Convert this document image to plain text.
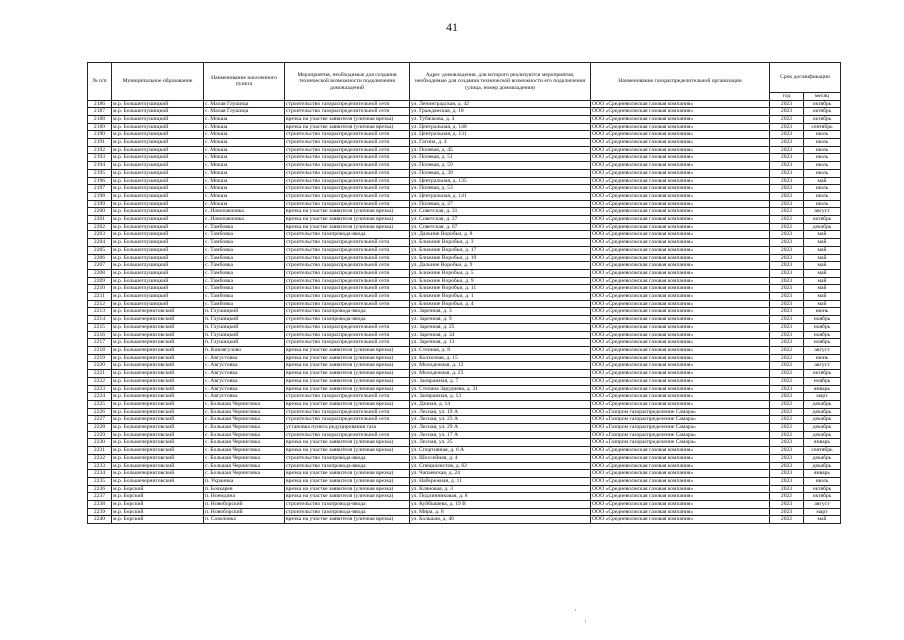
41
№ п/п	Муниципальное образование	Наименование населенного пункта	Мероприятия, необходимые для создания технической возможности подключения домовладений	Адрес домовладения, для которого реализуются мероприятия, необходимые для создания технической возможности его подключения (улица, номер домовладения)	Наименование газораспределительной организации	Срок догазификации	
						год	месяц
2186	м.р. Большеглушицкий	с. Малая Глушица	строительство газораспределительной сети	ул. Ленинградская, д. 42	ООО «Средневолжская газовая компания»	2023	октябрь
2187	м.р. Большеглушицкий	с. Малая Глушица	строительство газораспределительной сети	ул. Гражданская, д. 18	ООО «Средневолжская газовая компания»	2023	октябрь
2188	м.р. Большеглушицкий	с. Мокша	врезка на участке заявителя (уличная врезка)	ул. Тубачкова, д. 4	ООО «Средневолжская газовая компания»	2022	октябрь
2189	м.р. Большеглушицкий	с. Мокша	врезка на участке заявителя (уличная врезка)	ул. Центральная, д. 140	ООО «Средневолжская газовая компания»	2023	сентябрь
2190	м.р. Большеглушицкий	с. Мокша	строительство газораспределительной сети	ул. Центральная, д. 131	ООО «Средневолжская газовая компания»	2023	июль
2191	м.р. Большеглушицкий	с. Мокша	строительство газораспределительной сети	ул. Гагина, д. 4	ООО «Средневолжская газовая компания»	2023	июль
2192	м.р. Большеглушицкий	с. Мокша	строительство газораспределительной сети	ул. Полевая, д. 45	ООО «Средневолжская газовая компания»	2023	июль
2193	м.р. Большеглушицкий	с. Мокша	строительство газораспределительной сети	ул. Полевая, д. 51	ООО «Средневолжская газовая компания»	2023	июль
2194	м.р. Большеглушицкий	с. Мокша	строительство газораспределительной сети	ул. Полевая, д. 59	ООО «Средневолжская газовая компания»	2023	июль
2195	м.р. Большеглушицкий	с. Мокша	строительство газораспределительной сети	ул. Полевая, д. 39	ООО «Средневолжская газовая компания»	2023	июль
2196	м.р. Большеглушицкий	с. Мокша	строительство газораспределительной сети	ул. Центральная, д. 135	ООО «Средневолжская газовая компания»	2023	май
2197	м.р. Большеглушицкий	с. Мокша	строительство газораспределительной сети	ул. Полевая, д. 53	ООО «Средневолжская газовая компания»	2023	июль
2198	м.р. Большеглушицкий	с. Мокша	строительство газораспределительной сети	ул. Центральная, д. 141	ООО «Средневолжская газовая компания»	2023	июль
2199	м.р. Большеглушицкий	с. Мокша	строительство газораспределительной сети	ул. Полевая, д. 27	ООО «Средневолжская газовая компания»	2023	июль
2200	м.р. Большеглушицкий	с. Новопавловка	врезка на участке заявителя (уличная врезка)	ул. Советская, д. 31	ООО «Средневолжская газовая компания»	2022	август
2201	м.р. Большеглушицкий	с. Новопавловка	врезка на участке заявителя (уличная врезка)	ул. Советская, д. 27	ООО «Средневолжская газовая компания»	2022	октябрь
2202	м.р. Большеглушицкий	с. Тамбовка	врезка на участке заявителя (уличная врезка)	ул. Советская, д. 67	ООО «Средневолжская газовая компания»	2022	декабрь
2203	м.р. Большеглушицкий	с. Тамбовка	строительство газопровода-ввода	ул. Дальние Воробьи, д. 8	ООО «Средневолжская газовая компания»	2023	май
2204	м.р. Большеглушицкий	с. Тамбовка	строительство газораспределительной сети	ул. Ближние Воробьи, д. 3	ООО «Средневолжская газовая компания»	2023	май
2205	м.р. Большеглушицкий	с. Тамбовка	строительство газораспределительной сети	ул. Ближние Воробьи, д. 17	ООО «Средневолжская газовая компания»	2023	май
2206	м.р. Большеглушицкий	с. Тамбовка	строительство газораспределительной сети	ул. Ближние Воробьи, д. 19	ООО «Средневолжская газовая компания»	2023	май
2207	м.р. Большеглушицкий	с. Тамбовка	строительство газораспределительной сети	ул. Дальние Воробьи, д. 9	ООО «Средневолжская газовая компания»	2023	май
2208	м.р. Большеглушицкий	с. Тамбовка	строительство газораспределительной сети	ул. Ближние Воробьи, д. 5	ООО «Средневолжская газовая компания»	2023	май
2209	м.р. Большеглушицкий	с. Тамбовка	строительство газораспределительной сети	ул. Ближние Воробьи, д. 9	ООО «Средневолжская газовая компания»	2023	май
2210	м.р. Большеглушицкий	с. Тамбовка	строительство газораспределительной сети	ул. Ближние Воробьи, д. 11	ООО «Средневолжская газовая компания»	2023	май
2211	м.р. Большеглушицкий	с. Тамбовка	строительство газораспределительной сети	ул. Ближние Воробьи, д. 1	ООО «Средневолжская газовая компания»	2023	май
2212	м.р. Большеглушицкий	с. Тамбовка	строительство газораспределительной сети	ул. Ближние Воробьи, д. 4	ООО «Средневолжская газовая компания»	2023	май
2213	м.р. Большечерниговский	п. Глушицкий	строительство газопровода-ввода	ул. Заречная, д. 3	ООО «Средневолжская газовая компания»	2023	июнь
2214	м.р. Большечерниговский	п. Глушицкий	строительство газопровода-ввода	ул. Заречная, д. 9	ООО «Средневолжская газовая компания»	2023	ноябрь
2215	м.р. Большечерниговский	п. Глушицкий	строительство газораспределительной сети	ул. Заречная, д. 25	ООО «Средневолжская газовая компания»	2023	ноябрь
2216	м.р. Большечерниговский	п. Глушицкий	строительство газораспределительной сети	ул. Заречная, д. 34	ООО «Средневолжская газовая компания»	2023	ноябрь
2217	м.р. Большечерниговский	п. Глушицкий	строительство газораспределительной сети	ул. Заречная, д. 13	ООО «Средневолжская газовая компания»	2023	ноябрь
2218	м.р. Большечерниговский	п. Кинзягулово	врезка на участке заявителя (уличная врезка)	ул. Степная, д. 8	ООО «Средневолжская газовая компания»	2022	август
2219	м.р. Большечерниговский	с. Августовка	врезка на участке заявителя (уличная врезка)	ул. Колхозная, д. 15	ООО «Средневолжская газовая компания»	2022	июнь
2220	м.р. Большечерниговский	с. Августовка	врезка на участке заявителя (уличная врезка)	ул. Молодежная, д. 12	ООО «Средневолжская газовая компания»	2022	август
2221	м.р. Большечерниговский	с. Августовка	врезка на участке заявителя (уличная врезка)	ул. Молодежная, д. 23	ООО «Средневолжская газовая компания»	2022	октябрь
2222	м.р. Большечерниговский	с. Августовка	врезка на участке заявителя (уличная врезка)	ул. Заовражная, д. 7	ООО «Средневолжская газовая компания»	2022	ноябрь
2223	м.р. Большечерниговский	с. Августовка	врезка на участке заявителя (уличная врезка)	ул. Степана Заруднева, д. 31	ООО «Средневолжская газовая компания»	2023	январь
2224	м.р. Большечерниговский	с. Августовка	строительство газораспределительной сети	ул. Заовражная, д. 13	ООО «Средневолжская газовая компания»	2023	март
2225	м.р. Большечерниговский	с. Большая Черниговка	врезка на участке заявителя (уличная врезка)	ул. Дачная, д. 14	ООО «Средневолжская газовая компания»	2022	декабрь
2226	м.р. Большечерниговский	с. Большая Черниговка	строительство газораспределительной сети	ул. Лесная, ул. 19 А	ООО «Газпром газораспределение Самара»	2022	декабрь
2227	м.р. Большечерниговский	с. Большая Черниговка	строительство газораспределительной сети	ул. Лесная, ул. 23 А	ООО «Газпром газораспределение Самара»	2022	декабрь
2228	м.р. Большечерниговский	с. Большая Черниговка	установка пункта редуцирования газа	ул. Лесная, ул. 29 А	ООО «Газпром газораспределение Самара»	2022	декабрь
2229	м.р. Большечерниговский	с. Большая Черниговка	строительство газораспределительной сети	ул. Лесная, ул. 17 А	ООО «Газпром газораспределение Самара»	2022	декабрь
2230	м.р. Большечерниговский	с. Большая Черниговка	врезка на участке заявителя (уличная врезка)	ул. Лесная, ул. 25	ООО «Газпром газораспределение Самара»	2023	январь
2231	м.р. Большечерниговский	с. Большая Черниговка	врезка на участке заявителя (уличная врезка)	ул. Спортивная, д. 6 А	ООО «Средневолжская газовая компания»	2023	сентябрь
2232	м.р. Большечерниговский	с. Большая Черниговка	строительство газопровода-ввода	ул. Шоссейная, д. 4	ООО «Средневолжская газовая компания»	2023	декабрь
2233	м.р. Большечерниговский	с. Большая Черниговка	строительство газопровода-ввода	ул. Специалистов, д. 62	ООО «Средневолжская газовая компания»	2023	декабрь
2234	м.р. Большечерниговский	с. Большая Черниговка	врезка на участке заявителя (уличная врезка)	ул. Чапаевская, д. 24	ООО «Средневолжская газовая компания»	2023	январь
2235	м.р. Большечерниговский	п. Украинка	врезка на участке заявителя (уличная врезка)	ул. Набережная, д. 11	ООО «Средневолжская газовая компания»	2023	июль
2236	м.р. Борский	п. Бочкарев	врезка на участке заявителя (уличная врезка)	ул. Кляновая, д. 3	ООО «Средневолжская газовая компания»	2023	октябрь
2237	м.р. Борский	п. Ноемдина	врезка на участке заявителя (уличная врезка)	ул. Подлинниковая, д. 8	ООО «Средневолжская газовая компания»	2022	октябрь
2238	м.р. Борский	п. Новоборский	строительство газопровода-ввода	ул. Куйбышева, д. 19 В	ООО «Средневолжская газовая компания»	2023	август
2239	м.р. Борский	п. Новоборский	строительство газопровода-ввода	ул. Мира, д. 8	ООО «Средневолжская газовая компания»	2023	март
2240	м.р. Борский	п. Соколовка	врезка на участке заявителя (уличная врезка)	ул. Большая, д. 40	ООО «Средневолжская газовая компания»	2022	май
·
·
